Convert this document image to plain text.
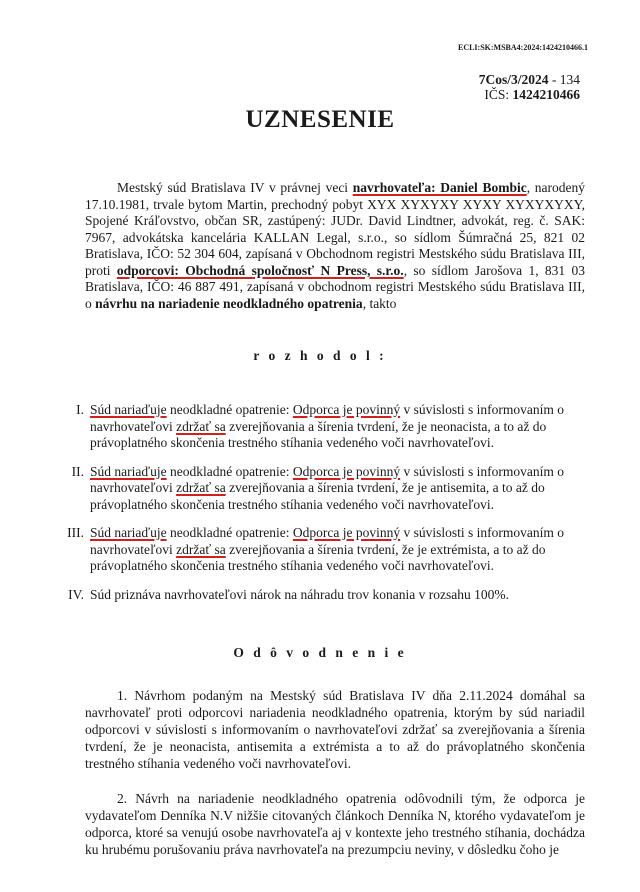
ECLI:SK:MSBA4:2024:1424210466.1
7Cos/3/2024 - 134
IČS: 1424210466
UZNESENIE

Mestský súd Bratislava IV v právnej veci navrhovateľa: Daniel Bombic, narodený 17.10.1981, trvale bytom Martin, prechodný pobyt XYX XYXYXY XYXY XYXYXYXY, Spojené Kráľovstvo, občan SR, zastúpený: JUDr. David Lindtner, advokát, reg. č. SAK: 7967, advokátska kancelária KALLAN Legal, s.r.o., so sídlom Šúmračná 25, 821 02 Bratislava, IČO: 52 304 604, zapísaná v Obchodnom registri Mestského súdu Bratislava III, proti odporcovi: Obchodná spoločnosť N Press, s.r.o., so sídlom Jarošova 1, 831 03 Bratislava, IČO: 46 887 491, zapísaná v obchodnom registri Mestského súdu Bratislava III, o návrhu na nariadenie neodkladného opatrenia, takto

r o z h o d o l :
I. Súd nariaďuje neodkladné opatrenie: Odporca je povinný v súvislosti s informovaním o navrhovateľovi zdržať sa zverejňovania a šírenia tvrdení, že je neonacista, a to až do právoplatného skončenia trestného stíhania vedeného voči navrhovateľovi.
II. Súd nariaďuje neodkladné opatrenie: Odporca je povinný v súvislosti s informovaním o navrhovateľovi zdržať sa zverejňovania a šírenia tvrdení, že je antisemita, a to až do právoplatného skončenia trestného stíhania vedeného voči navrhovateľovi.
III. Súd nariaďuje neodkladné opatrenie: Odporca je povinný v súvislosti s informovaním o navrhovateľovi zdržať sa zverejňovania a šírenia tvrdení, že je extrémista, a to až do právoplatného skončenia trestného stíhania vedeného voči navrhovateľovi.
IV. Súd priznáva navrhovateľovi nárok na náhradu trov konania v rozsahu 100%.
O d ô v o d n e n i e

1. Návrhom podaným na Mestský súd Bratislava IV dňa 2.11.2024 domáhal sa navrhovateľ proti odporcovi nariadenia neodkladného opatrenia, ktorým by súd nariadil odporcovi v súvislosti s informovaním o navrhovateľovi zdržať sa zverejňovania a šírenia tvrdení, že je neonacista, antisemita a extrémista a to až do právoplatného skončenia trestného stíhania vedeného voči navrhovateľovi.

2. Návrh na nariadenie neodkladného opatrenia odôvodnili tým, že odporca je vydavateľom Denníka N.V nižšie citovaných článkoch Denníka N, ktorého vydavateľom je odporca, ktoré sa venujú osobe navrhovateľa aj v kontexte jeho trestného stíhania, dochádza ku hrubému porušovaniu práva navrhovateľa na prezumpciu neviny, v dôsledku čoho je
